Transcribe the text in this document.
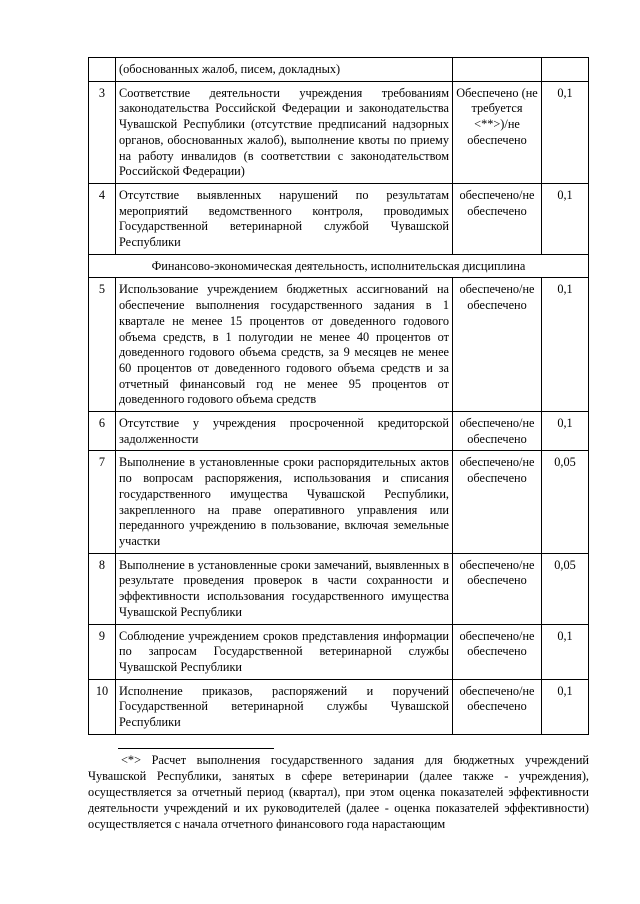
	(обоснованных жалоб, писем, докладных)		
3	Соответствие деятельности учреждения требованиям законодательства Российской Федерации и законодательства Чувашской Республики (отсутствие предписаний надзорных органов, обоснованных жалоб), выполнение квоты по приему на работу инвалидов (в соответствии с законодательством Российской Федерации)	Обеспечено (не требуется <**>)/не обеспечено	0,1
4	Отсутствие выявленных нарушений по результатам мероприятий ведомственного контроля, проводимых Государственной ветеринарной службой Чувашской Республики	обеспечено/не обеспечено	0,1
Финансово-экономическая деятельность, исполнительская дисциплина			
5	Использование учреждением бюджетных ассигнований на обеспечение выполнения государственного задания в 1 квартале не менее 15 процентов от доведенного годового объема средств, в 1 полугодии не менее 40 процентов от доведенного годового объема средств, за 9 месяцев не менее 60 процентов от доведенного годового объема средств и за отчетный финансовый год не менее 95 процентов от доведенного годового объема средств	обеспечено/не обеспечено	0,1
6	Отсутствие у учреждения просроченной кредиторской задолженности	обеспечено/не обеспечено	0,1
7	Выполнение в установленные сроки распорядительных актов по вопросам распоряжения, использования и списания государственного имущества Чувашской Республики, закрепленного на праве оперативного управления или переданного учреждению в пользование, включая земельные участки	обеспечено/не обеспечено	0,05
8	Выполнение в установленные сроки замечаний, выявленных в результате проведения проверок в части сохранности и эффективности использования государственного имущества Чувашской Республики	обеспечено/не обеспечено	0,05
9	Соблюдение учреждением сроков представления информации по запросам Государственной ветеринарной службы Чувашской Республики	обеспечено/не обеспечено	0,1
10	Исполнение приказов, распоряжений и поручений Государственной ветеринарной службы Чувашской Республики	обеспечено/не обеспечено	0,1

<*> Расчет выполнения государственного задания для бюджетных учреждений Чувашской Республики, занятых в сфере ветеринарии (далее также - учреждения), осуществляется за отчетный период (квартал), при этом оценка показателей эффективности деятельности учреждений и их руководителей (далее - оценка показателей эффективности) осуществляется с начала отчетного финансового года нарастающим
